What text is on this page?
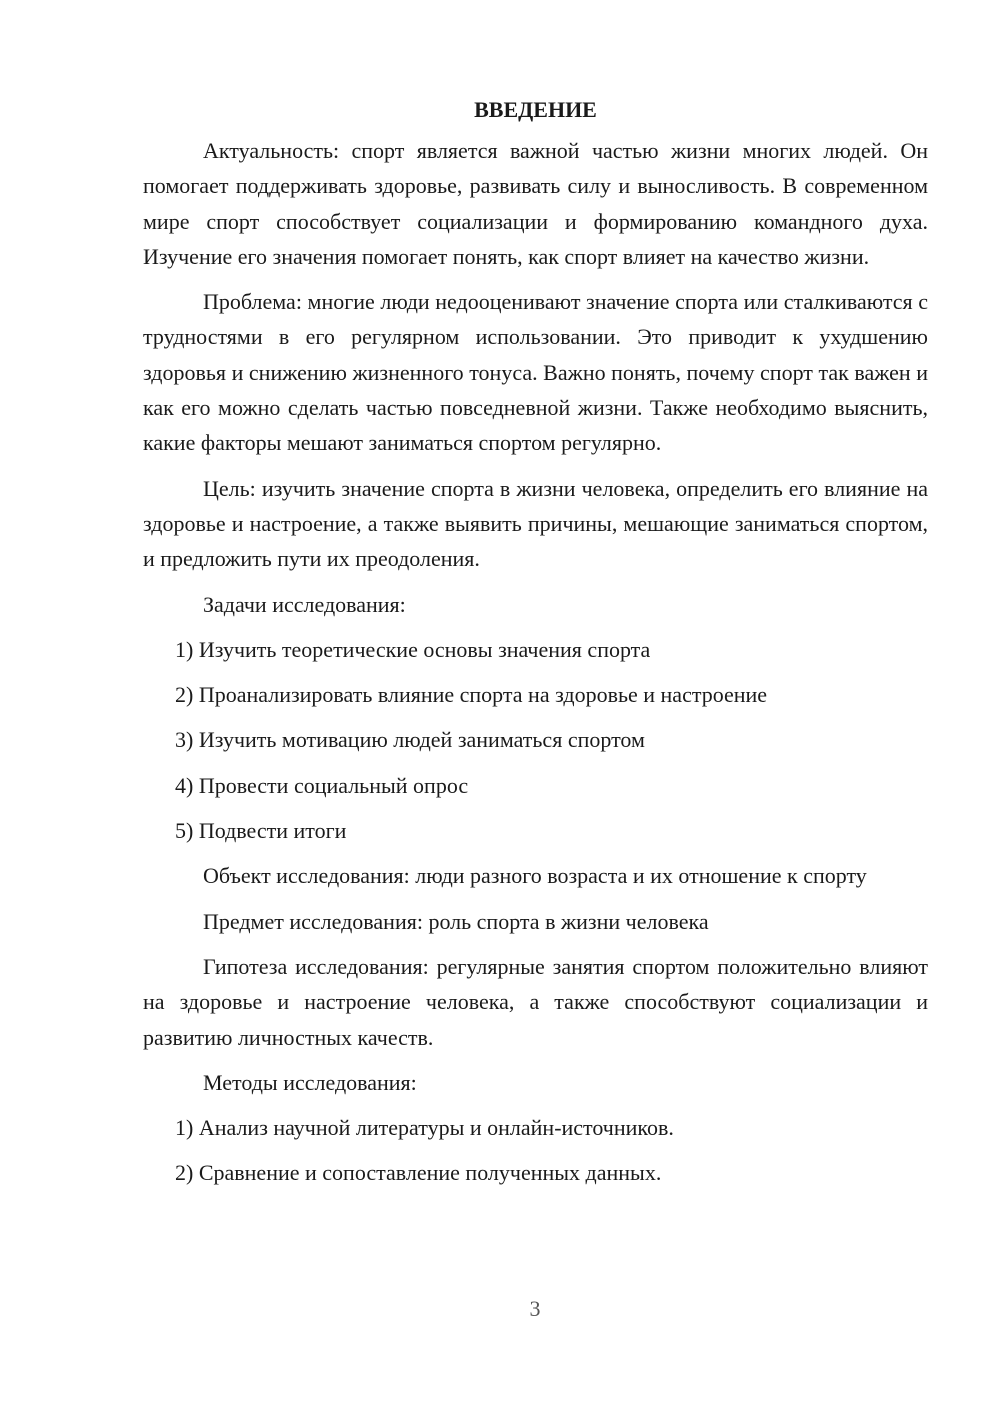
ВВЕДЕНИЕ

Актуальность: спорт является важной частью жизни многих людей. Он помогает поддерживать здоровье, развивать силу и выносливость. В современном мире спорт способствует социализации и формированию командного духа. Изучение его значения помогает понять, как спорт влияет на качество жизни.

Проблема: многие люди недооценивают значение спорта или сталкиваются с трудностями в его регулярном использовании. Это приводит к ухудшению здоровья и снижению жизненного тонуса. Важно понять, почему спорт так важен и как его можно сделать частью повседневной жизни. Также необходимо выяснить, какие факторы мешают заниматься спортом регулярно.

Цель: изучить значение спорта в жизни человека, определить его влияние на здоровье и настроение, а также выявить причины, мешающие заниматься спортом, и предложить пути их преодоления.

Задачи исследования:

1) Изучить теоретические основы значения спорта

2) Проанализировать влияние спорта на здоровье и настроение

3) Изучить мотивацию людей заниматься спортом

4) Провести социальный опрос

5) Подвести итоги

Объект исследования: люди разного возраста и их отношение к спорту

Предмет исследования: роль спорта в жизни человека

Гипотеза исследования: регулярные занятия спортом положительно влияют на здоровье и настроение человека, а также способствуют социализации и развитию личностных качеств.

Методы исследования:

1) Анализ научной литературы и онлайн-источников.

2) Сравнение и сопоставление полученных данных.

3
